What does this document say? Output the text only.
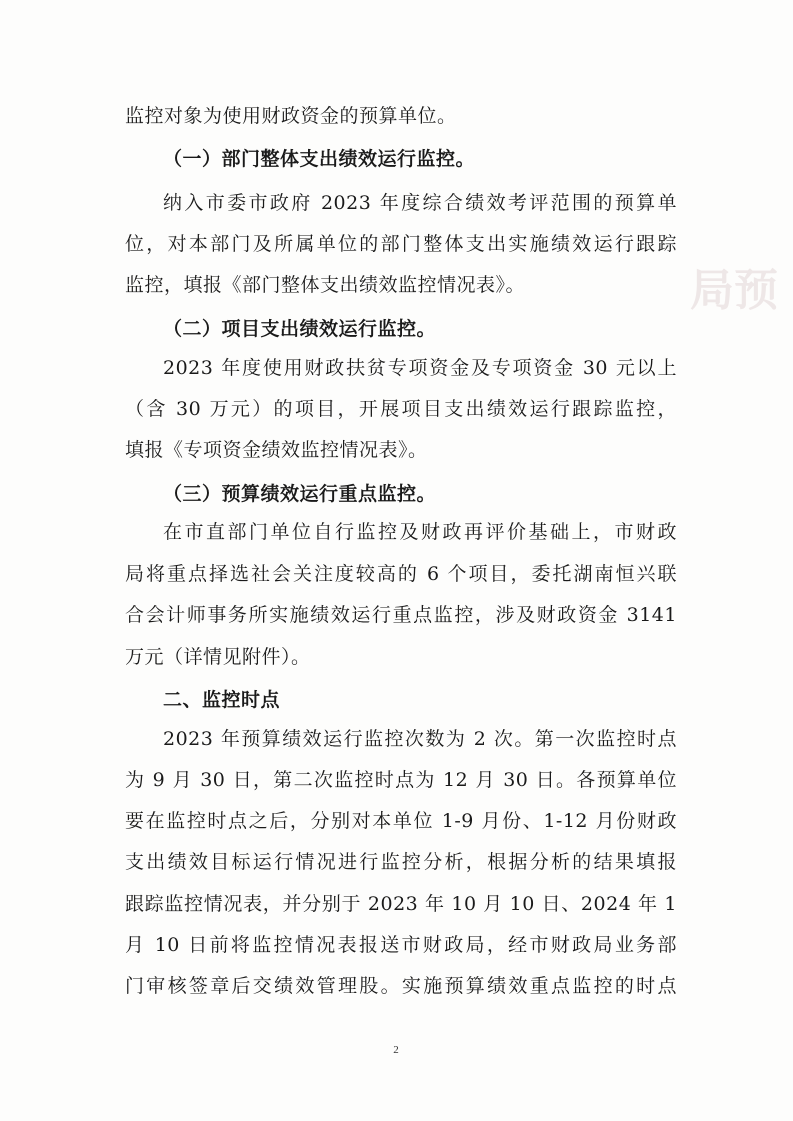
局预
监控对象为使用财政资金的预算单位。
（一）部门整体支出绩效运行监控。
纳入市委市政府 2023 年度综合绩效考评范围的预算单
位，对本部门及所属单位的部门整体支出实施绩效运行跟踪
监控，填报《部门整体支出绩效监控情况表》。
（二）项目支出绩效运行监控。
2023 年度使用财政扶贫专项资金及专项资金 30 元以上
（含 30 万元）的项目，开展项目支出绩效运行跟踪监控，
填报《专项资金绩效监控情况表》。
（三）预算绩效运行重点监控。
在市直部门单位自行监控及财政再评价基础上，市财政
局将重点择选社会关注度较高的 6 个项目，委托湖南恒兴联
合会计师事务所实施绩效运行重点监控，涉及财政资金 3141
万元（详情见附件）。
二、监控时点
2023 年预算绩效运行监控次数为 2 次。第一次监控时点
为 9 月 30 日，第二次监控时点为 12 月 30 日。各预算单位
要在监控时点之后，分别对本单位 1-9 月份、1-12 月份财政
支出绩效目标运行情况进行监控分析，根据分析的结果填报
跟踪监控情况表，并分别于 2023 年 10 月 10 日、2024 年 1
月 10 日前将监控情况表报送市财政局，经市财政局业务部
门审核签章后交绩效管理股。实施预算绩效重点监控的时点
2
